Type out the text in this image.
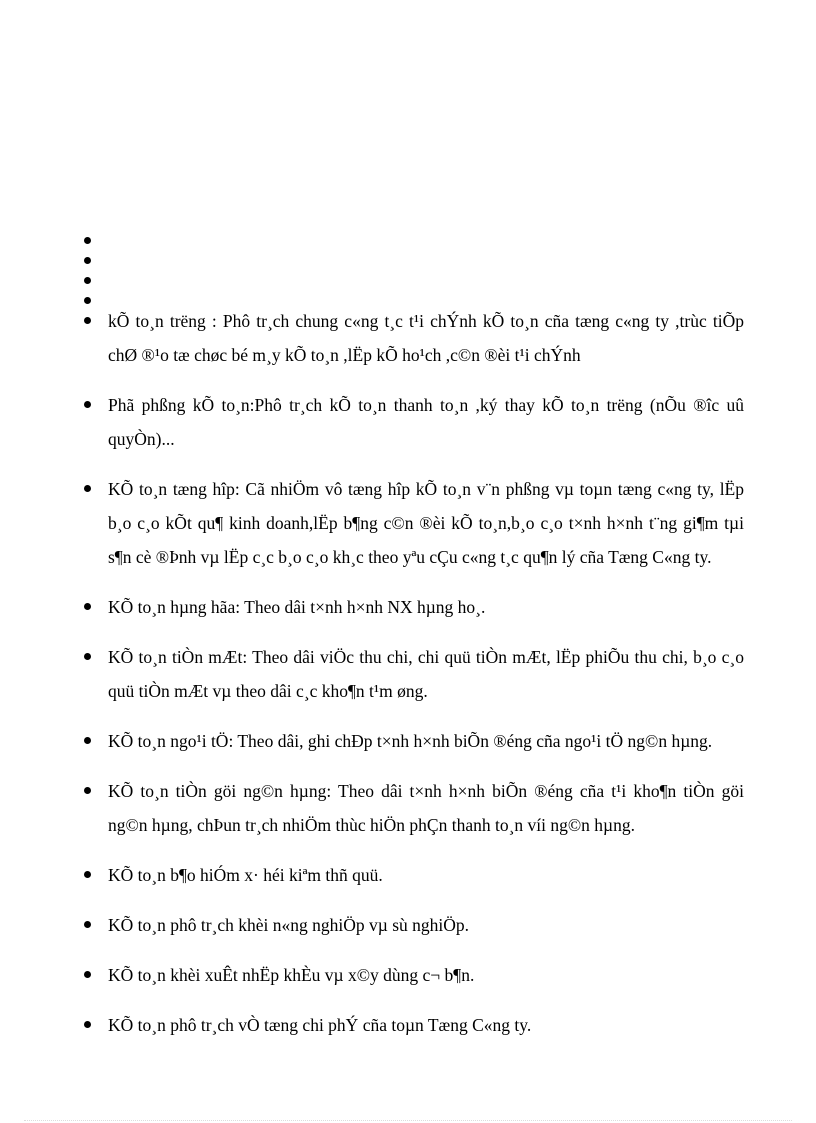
kÕ to¸n trëng : Phô tr¸ch chung c«ng t¸c t¹i chÝnh kÕ to¸n cña tæng c«ng ty ,trùc tiÕp chØ ®¹o tæ chøc bé m¸y kÕ to¸n ,lËp kÕ ho¹ch ,c©n ®èi t¹i chÝnh
Phã phßng kÕ to¸n:Phô tr¸ch kÕ to¸n thanh to¸n ,ký thay kÕ to¸n trëng (nÕu ®îc uû quyÒn)...
KÕ to¸n tæng hîp: Cã nhiÖm vô tæng hîp kÕ to¸n v¨n phßng vµ toµn tæng c«ng ty, lËp b¸o c¸o kÕt qu¶ kinh doanh,lËp b¶ng c©n ®èi kÕ to¸n,b¸o c¸o t×nh h×nh t¨ng gi¶m tµi s¶n cè ®Þnh vµ lËp c¸c b¸o c¸o kh¸c theo yªu cÇu c«ng t¸c qu¶n lý cña Tæng C«ng ty.
KÕ to¸n hµng hãa: Theo dâi t×nh h×nh NX hµng ho¸.
KÕ to¸n tiÒn mÆt: Theo dâi viÖc thu chi, chi quü tiÒn mÆt, lËp phiÕu thu chi, b¸o c¸o quü tiÒn mÆt vµ theo dâi c¸c kho¶n t¹m øng.
KÕ to¸n ngo¹i tÖ: Theo dâi, ghi chÐp t×nh h×nh biÕn ®éng cña ngo¹i tÖ ng©n hµng.
KÕ to¸n tiÒn göi ng©n hµng: Theo dâi t×nh h×nh biÕn ®éng cña t¹i kho¶n tiÒn göi ng©n hµng, chÞun tr¸ch nhiÖm thùc hiÖn phÇn thanh to¸n víi ng©n hµng.
KÕ to¸n b¶o hiÓm x· héi kiªm thñ quü.
KÕ to¸n phô tr¸ch khèi n«ng nghiÖp vµ sù nghiÖp.
KÕ to¸n khèi xuÊt nhËp khÈu vµ x©y dùng c¬ b¶n.
KÕ to¸n phô tr¸ch vÒ tæng chi phÝ cña toµn Tæng C«ng ty.
